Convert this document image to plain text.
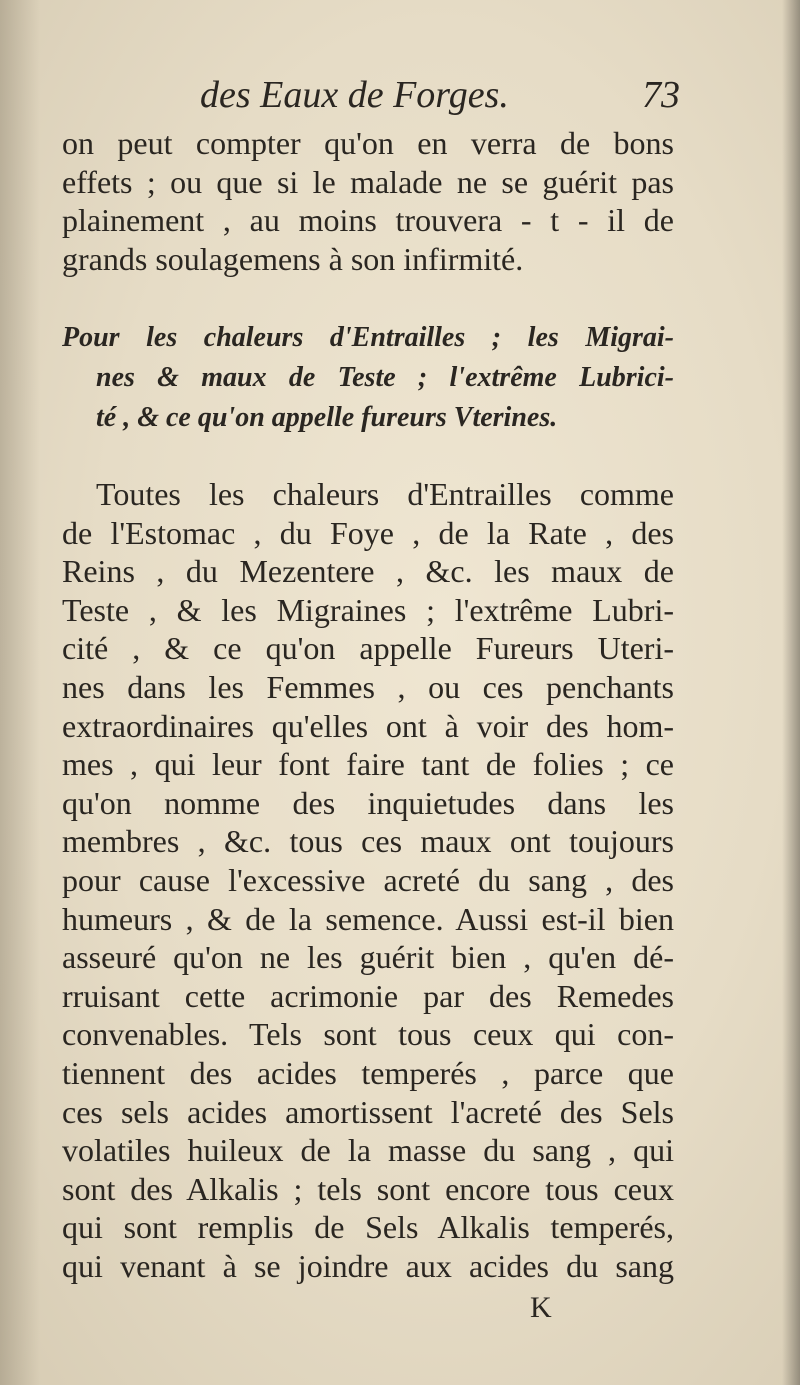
des Eaux de Forges.	73
on peut compter qu'on en verra de bons
effets ; ou que si le malade ne se guérit pas
plainement , au moins trouvera - t - il de
grands soulagemens à son infirmité.
Pour les chaleurs d'Entrailles ; les Migrai-
nes & maux de Teste ; l'extrême Lubrici-
té , & ce qu'on appelle fureurs Vterines.
Toutes les chaleurs d'Entrailles comme
de l'Estomac , du Foye , de la Rate , des
Reins , du Mezentere , &c. les maux de
Teste , & les Migraines ; l'extrême Lubri-
cité , & ce qu'on appelle Fureurs Uteri-
nes dans les Femmes , ou ces penchants
extraordinaires qu'elles ont à voir des hom-
mes , qui leur font faire tant de folies ; ce
qu'on nomme des inquietudes dans les
membres , &c. tous ces maux ont toujours
pour cause l'excessive acreté du sang , des
humeurs , & de la semence. Aussi est-il bien
asseuré qu'on ne les guérit bien , qu'en dé-
rruisant cette acrimonie par des Remedes
convenables. Tels sont tous ceux qui con-
tiennent des acides temperés , parce que
ces sels acides amortissent l'acreté des Sels
volatiles huileux de la masse du sang , qui
sont des Alkalis ; tels sont encore tous ceux
qui sont remplis de Sels Alkalis temperés,
qui venant à se joindre aux acides du sang
K
